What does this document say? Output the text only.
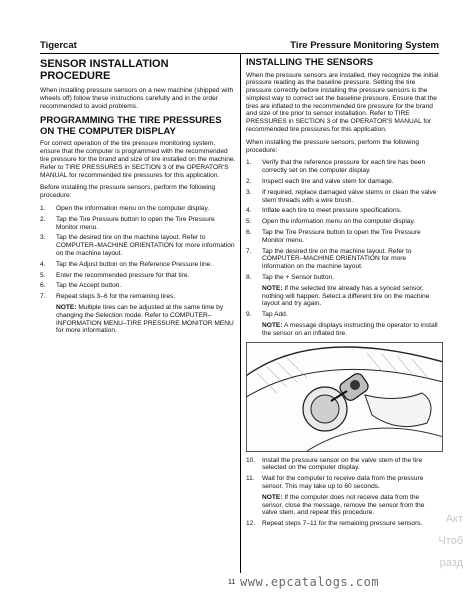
Tigercat	Tire Pressure Monitoring System
SENSOR INSTALLATION
PROCEDURE

When installing pressure sensors on a new machine (shipped with wheels off) follow these instructions carefully and in the order recommended to avoid problems.

PROGRAMMING THE TIRE PRESSURES
ON THE COMPUTER DISPLAY

For correct operation of the tire pressure monitoring system, ensure that the computer is programmed with the recommended tire pressure for the brand and size of tire installed on the machine. Refer to TIRE PRESSURES in SECTION 3 of the OPERATOR'S MANUAL for recommended tire pressures for this application.

Before installing the pressure sensors, perform the following procedure:

1. Open the information menu on the computer display.
2. Tap the Tire Pressure button to open the Tire Pressure Monitor menu.
3. Tap the desired tire on the machine layout. Refer to COMPUTER–MACHINE ORIENTATION for more information on the machine layout.
4. Tap the Adjust button on the Reference Pressure line.
5. Enter the recommended pressure for that tire.
6. Tap the Accept button.
7. Repeat steps 3–6 for the remaining tires.

NOTE: Multiple tires can be adjusted at the same time by changing the Selection mode. Refer to COMPUTER–INFORMATION MENU–TIRE PRESSURE MONITOR MENU for more information.

INSTALLING THE SENSORS

When the pressure sensors are installed, they recognize the initial pressure reading as the baseline pressure. Setting the tire pressure correctly before installing the pressure sensors is the simplest way to correct set the baseline pressure. Ensure that the tires are inflated to the recommended tire pressure for the brand and size of tire prior to sensor installation. Refer to TIRE PRESSURES in SECTION 3 of the OPERATOR'S MANUAL for recommended tire pressures for this application.

When installing the pressure sensors, perform the following procedure:

1. Verify that the reference pressure for each tire has been correctly set on the computer display.
2. Inspect each tire and valve stem for damage.
3. If required, replace damaged valve stems or clean the valve stem threads with a wire brush.
4. Inflate each tire to meet pressure specifications.
5. Open the information menu on the computer display.
6. Tap the Tire Pressure button to open the Tire Pressure Monitor menu.
7. Tap the desired tire on the machine layout. Refer to COMPUTER–MACHINE ORIENTATION for more information on the machine layout.
8. Tap the + Sensor button.

NOTE: If the selected tire already has a synced sensor, nothing will happen. Select a different tire on the machine layout and try again.

9. Tap Add.

NOTE: A message displays instructing the operator to install the sensor on an inflated tire.

10. Install the pressure sensor on the valve stem of the tire selected on the computer display.
11. Wait for the computer to receive data from the pressure sensor. This may take up to 60 seconds.

NOTE: If the computer does not receive data from the sensor, close the message, remove the sensor from the valve stem, and repeat this procedure.

12. Repeat steps 7–11 for the remaining pressure sensors.
11 www.epcatalogs.com
Акт
Чтоб
разд
